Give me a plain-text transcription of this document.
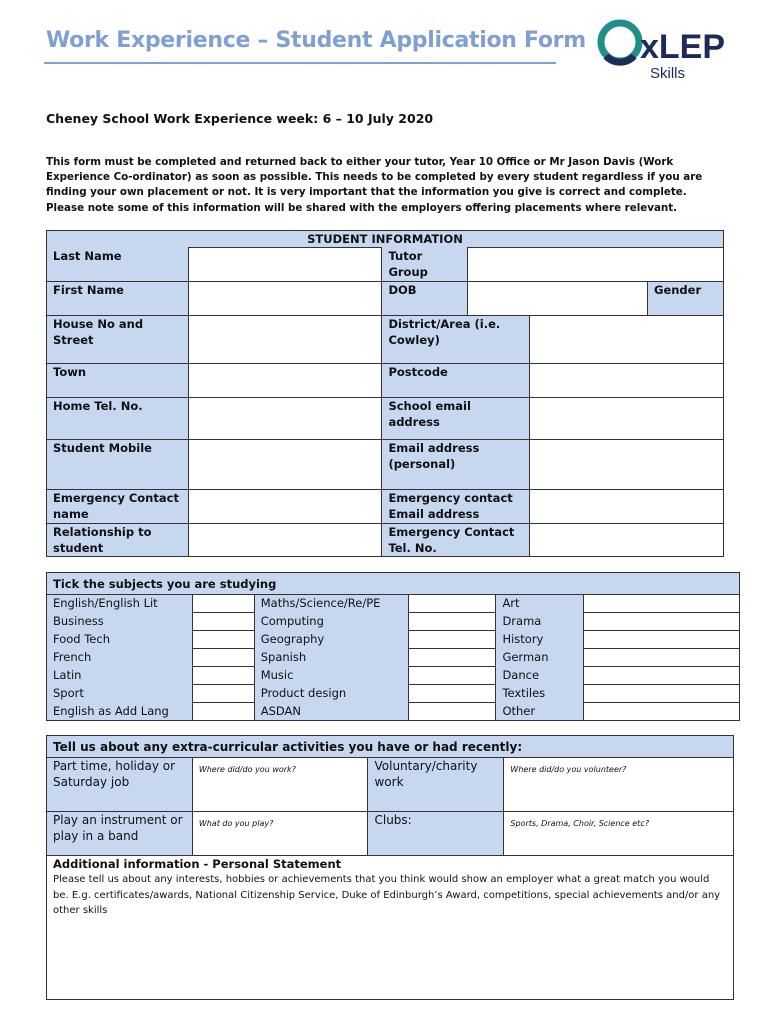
Work Experience – Student Application Form xLEP
Skills
Cheney School Work Experience week: 6 – 10 July 2020
This form must be completed and returned back to either your tutor, Year 10 Office or Mr Jason Davis (Work Experience Co-ordinator) as soon as possible. This needs to be completed by every student regardless if you are finding your own placement or not. It is very important that the information you give is correct and complete. Please note some of this information will be shared with the employers offering placements where relevant.
STUDENT INFORMATION					
Last Name		Tutor Group			
First Name		DOB			Gender
House No and Street		District/Area (i.e. Cowley)			
Town		Postcode			
Home Tel. No.		School email address			
Student Mobile		Email address (personal)			
Emergency Contact name		Emergency contact Email address			
Relationship to student		Emergency Contact Tel. No.			
Tick the subjects you are studying					
English/English Lit		Maths/Science/Re/PE		Art	
Business		Computing		Drama	
Food Tech		Geography		History	
French		Spanish		German	
Latin		Music		Dance	
Sport		Product design		Textiles	
English as Add Lang		ASDAN		Other	
Tell us about any extra-curricular activities you have or had recently:			
Part time, holiday or Saturday job	Where did/do you work?	Voluntary/charity work	Where did/do you volunteer?
Play an instrument or play in a band	What do you play?	Clubs:	Sports, Drama, Choir, Science etc?

Additional information - Personal Statement
Please tell us about any interests, hobbies or achievements that you think would show an employer what a great match you would be. E.g. certificates/awards, National Citizenship Service, Duke of Edinburgh’s Award, competitions, special achievements and/or any other skills			
